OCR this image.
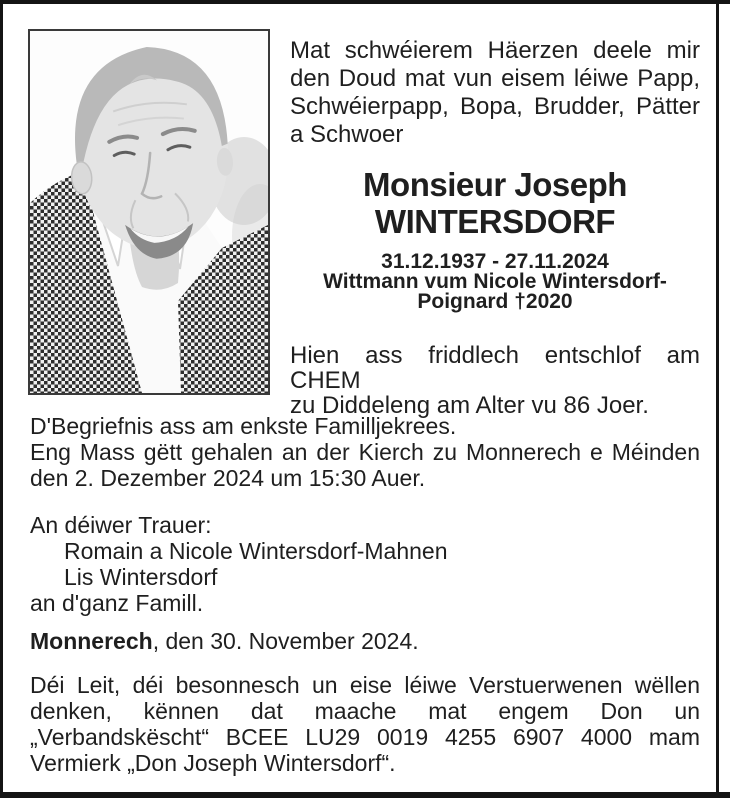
Mat schwéierem Häerzen deele mir
den Doud mat vun eisem léiwe Papp,
Schwéierpapp, Bopa, Brudder, Pätter
a Schwoer
Monsieur Joseph
WINTERSDORF
31.12.1937 - 27.11.2024
Wittmann vum Nicole Wintersdorf-
Poignard †2020
Hien ass friddlech entschlof am CHEM
zu Diddeleng am Alter vu 86 Joer.
D'Begriefnis ass am enkste Familljekrees.
Eng Mass gëtt gehalen an der Kierch zu Monnerech e Méinden
den 2. Dezember 2024 um 15:30 Auer.
An déiwer Trauer:
Romain a Nicole Wintersdorf-Mahnen
Lis Wintersdorf
an d'ganz Famill.
Monnerech, den 30. November 2024.
Déi Leit, déi besonnesch un eise léiwe Verstuerwenen wëllen
denken, kënnen dat maache mat engem Don un
„Verbandskëscht“ BCEE LU29 0019 4255 6907 4000 mam
Vermierk „Don Joseph Wintersdorf“.
